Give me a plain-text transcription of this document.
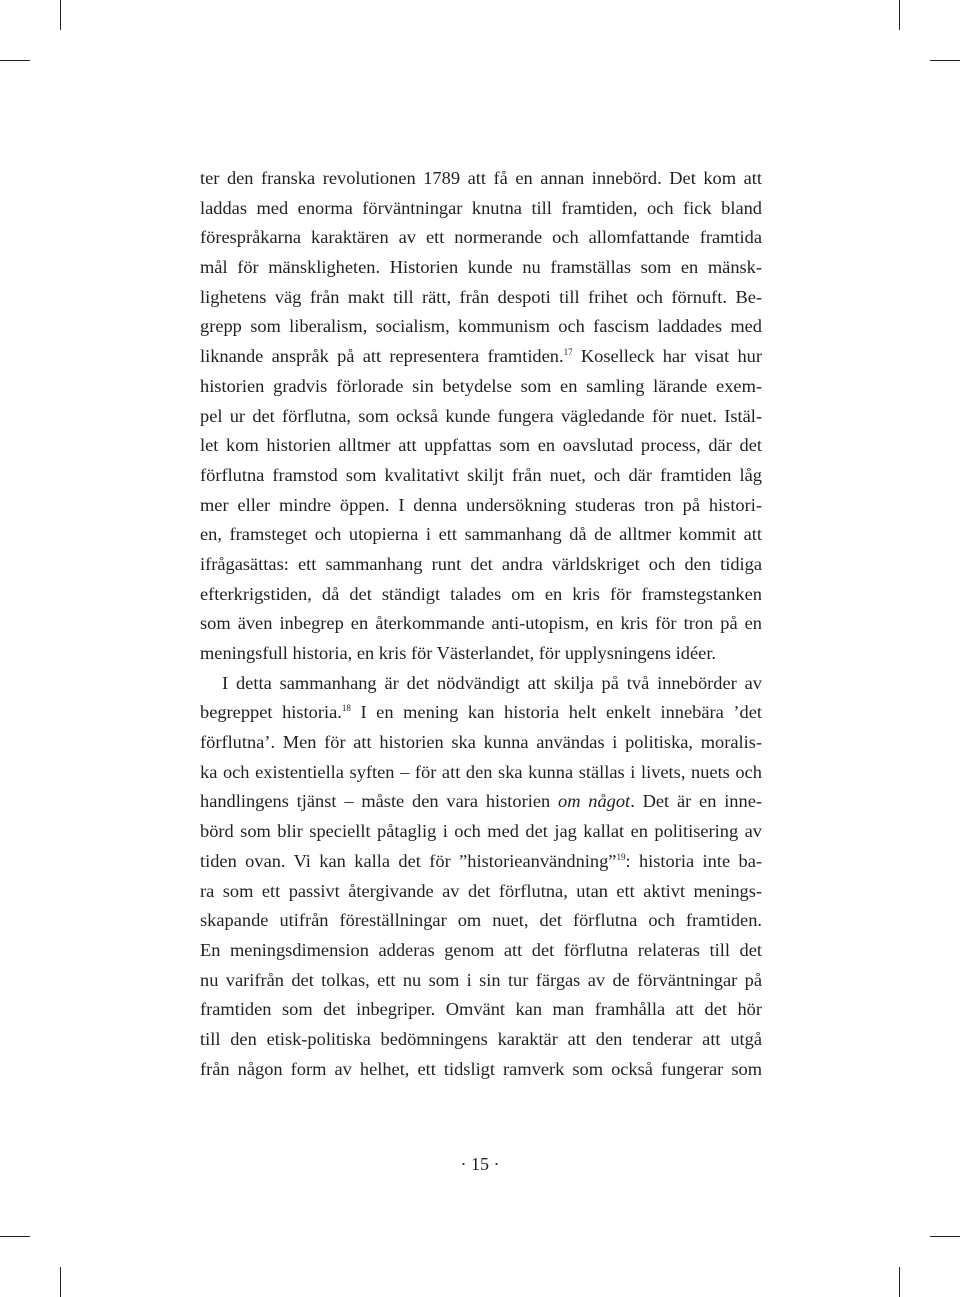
ter den franska revolutionen 1789 att få en annan innebörd. Det kom att
laddas med enorma förväntningar knutna till framtiden, och fick bland
förespråkarna karaktären av ett normerande och allomfattande framtida
mål för mänskligheten. Historien kunde nu framställas som en mänsk-
lighetens väg från makt till rätt, från despoti till frihet och förnuft. Be-
grepp som liberalism, socialism, kommunism och fascism laddades med
liknande anspråk på att representera framtiden.$^{17}$ Koselleck har visat hur
historien gradvis förlorade sin betydelse som en samling lärande exem-
pel ur det förflutna, som också kunde fungera vägledande för nuet. Istäl-
let kom historien alltmer att uppfattas som en oavslutad process, där det
förflutna framstod som kvalitativt skiljt från nuet, och där framtiden låg
mer eller mindre öppen. I denna undersökning studeras tron på histori-
en, framsteget och utopierna i ett sammanhang då de alltmer kommit att
ifrågasättas: ett sammanhang runt det andra världskriget och den tidiga
efterkrigstiden, då det ständigt talades om en kris för framstegstanken
som även inbegrep en återkommande anti-utopism, en kris för tron på en
meningsfull historia, en kris för Västerlandet, för upplysningens idéer.
I detta sammanhang är det nödvändigt att skilja på två innebörder av
begreppet historia.$^{18}$ I en mening kan historia helt enkelt innebära ’det
förflutna’. Men för att historien ska kunna användas i politiska, moralis-
ka och existentiella syften – för att den ska kunna ställas i livets, nuets och
handlingens tjänst – måste den vara historien om något. Det är en inne-
börd som blir speciellt påtaglig i och med det jag kallat en politisering av
tiden ovan. Vi kan kalla det för ”historieanvändning”$^{19}$: historia inte ba-
ra som ett passivt återgivande av det förflutna, utan ett aktivt menings-
skapande utifrån föreställningar om nuet, det förflutna och framtiden.
En meningsdimension adderas genom att det förflutna relateras till det
nu varifrån det tolkas, ett nu som i sin tur färgas av de förväntningar på
framtiden som det inbegriper. Omvänt kan man framhålla att det hör
till den etisk-politiska bedömningens karaktär att den tenderar att utgå
från någon form av helhet, ett tidsligt ramverk som också fungerar som
· 15 ·
